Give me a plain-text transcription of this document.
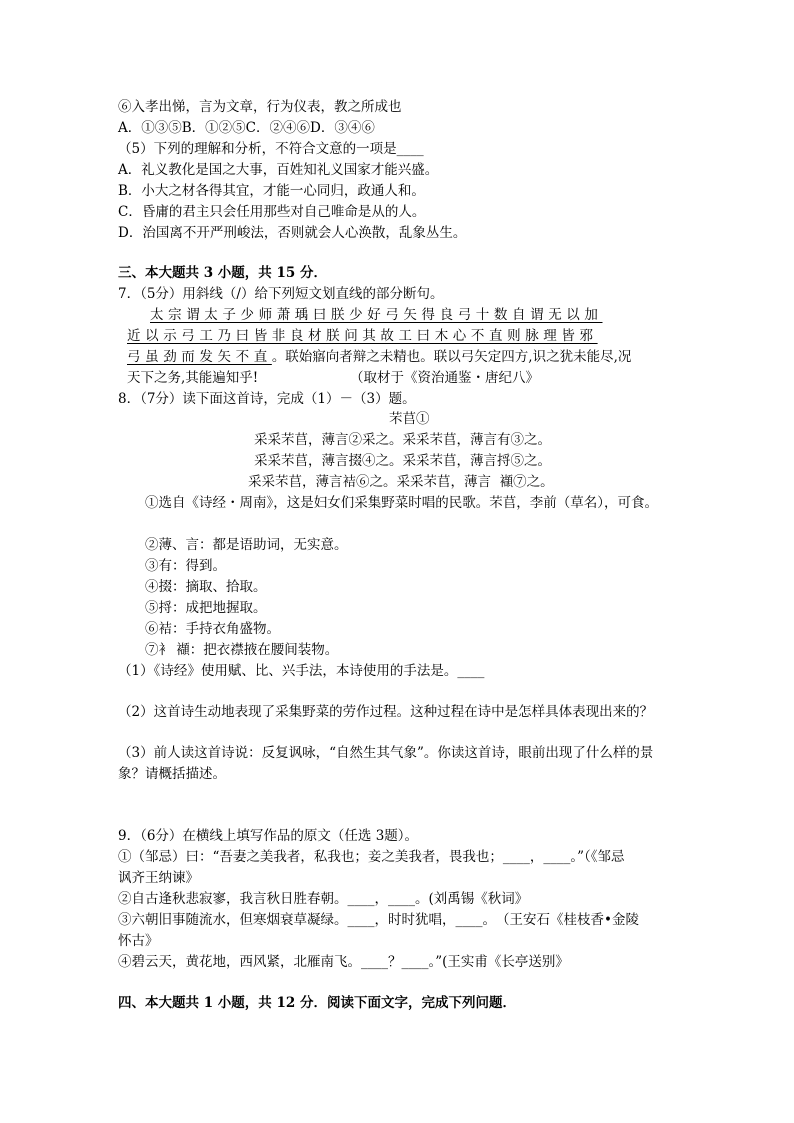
⑥入孝出悌，言为文章，行为仪表，教之所成也
A．①③⑤B．①②⑤C．②④⑥D．③④⑥
（5）下列的理解和分析，不符合文意的一项是____
A．礼义教化是国之大事，百姓知礼义国家才能兴盛。
B．小大之材各得其宜，才能一心同归，政通人和。
C．昏庸的君主只会任用那些对自己唯命是从的人。
D．治国离不开严刑峻法，否则就会人心涣散，乱象丛生。
三、本大题共 3 小题，共 15 分．
7．（5分）用斜线（/）给下列短文划直线的部分断句。
太宗谓太子少师萧瑀曰朕少好弓矢得良弓十数自谓无以加
近以示弓工乃曰皆非良材朕问其故工曰木心不直则脉理皆邪
弓虽劲而发矢不直。联始寤向者辩之未精也。联以弓矢定四方,识之犹未能尽,况
天下之务,其能遍知乎!	（取材于《资治通鉴・唐纪八》
8．（7分）读下面这首诗，完成（1）－（3）题。
芣苢①
采采芣苢，薄言②采之。采采芣苢，薄言有③之。
采采芣苢，薄言掇④之。采采芣苢，薄言捋⑤之。
采采芣苢，薄言袺⑥之。采采芣苢，薄言 ​ 襭⑦之。
①选自《诗经・周南》，这是妇女们采集野菜时唱的民歌。芣苢，李前（草名），可食。
②薄、言：都是语助词，无实意。
③有：得到。
④掇：摘取、拾取。
⑤捋：成把地握取。
⑥袺：手持衣角盛物。
⑦衤 襭：把衣襟掖在腰间装物。
（1）《诗经》使用赋、比、兴手法，本诗使用的手法是。____
（2）这首诗生动地表现了采集野菜的劳作过程。这种过程在诗中是怎样具体表现出来的？
（3）前人读这首诗说：反复讽咏，“自然生其气象”。你读这首诗，眼前出现了什么样的景
象？请概括描述。
9．（6分）在横线上填写作品的原文（任选 3题）。
①（邹忌）曰：“吾妻之美我者，私我也；妾之美我者，畏我也；____，____。”（《邹忌
讽齐王纳谏》
②自古逢秋悲寂寥，我言秋日胜春朝。____，____。(刘禹锡《秋词》
③六朝旧事随流水，但寒烟衰草凝绿。____，时时犹唱，____。　（王安石《桂枝香•金陵
怀古》
④碧云天，黄花地，西风紧，北雁南飞。____？____。”(王实甫《长亭送别》
四、本大题共 1 小题，共 12 分．阅读下面文字，完成下列问题．
